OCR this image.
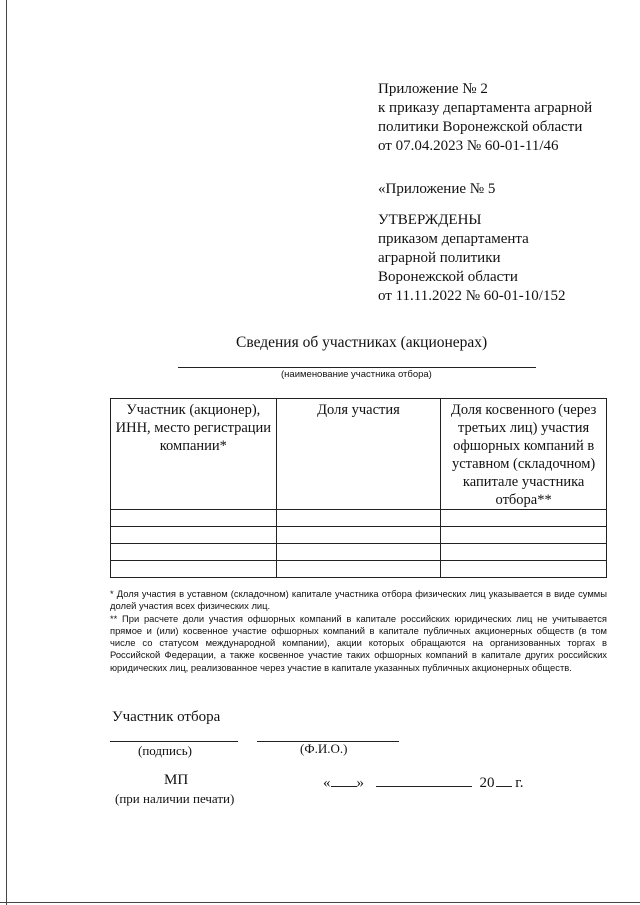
Приложение № 2
к приказу департамента аграрной
политики Воронежской области
от 07.04.2023 № 60-01-11/46
«Приложение № 5
УТВЕРЖДЕНЫ
приказом департамента
аграрной политики
Воронежской области
от 11.11.2022 № 60-01-10/152
Сведения об участниках (акционерах)
(наименование участника отбора)
Участник (акционер), ИНН, место регистрации компании*	Доля участия	Доля косвенного (через третьих лиц) участия офшорных компаний в уставном (складочном) капитале участника отбора**

* Доля участия в уставном (складочном) капитале участника отбора физических лиц указывается в виде суммы долей участия всех физических лиц.

** При расчете доли участия офшорных компаний в капитале российских юридических лиц не учитывается прямое и (или) косвенное участие офшорных компаний в капитале публичных акционерных обществ (в том числе со статусом международной компании), акции которых обращаются на организованных торгах в Российской Федерации, а также косвенное участие таких офшорных компаний в капитале других российских юридических лиц, реализованное через участие в капитале указанных публичных акционерных обществ.

Участник отбора
(подпись)	(Ф.И.О.)
МП
(при наличии печати)
« »	20 г.
